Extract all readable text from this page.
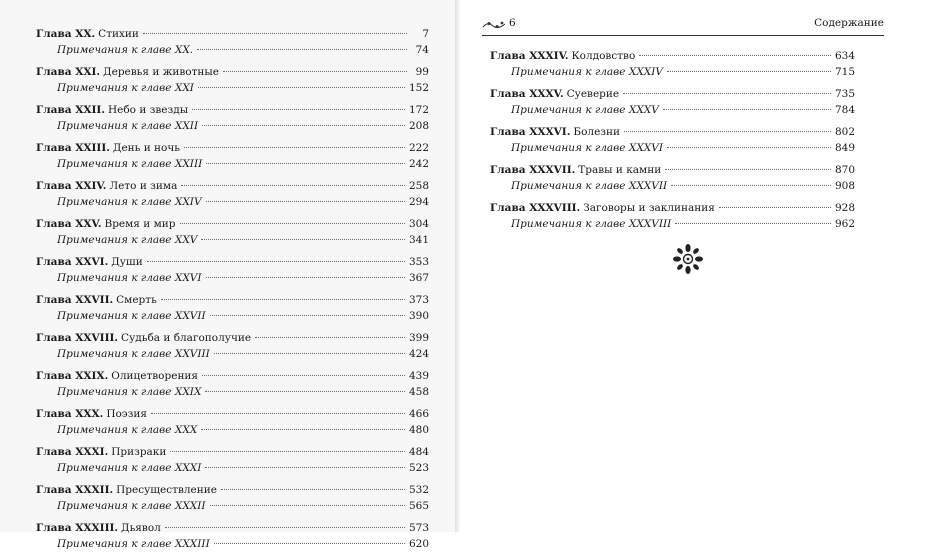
6	Содержание
Глава XX. Стихии	7
Примечания к главе XX.	74
Глава XXI. Деревья и животные	99
Примечания к главе XXI	152
Глава XXII. Небо и звезды	172
Примечания к главе XXII	208
Глава XXIII. День и ночь	222
Примечания к главе XXIII	242
Глава XXIV. Лето и зима	258
Примечания к главе XXIV	294
Глава XXV. Время и мир	304
Примечания к главе XXV	341
Глава XXVI. Души	353
Примечания к главе XXVI	367
Глава XXVII. Смерть	373
Примечания к главе XXVII	390
Глава XXVIII. Судьба и благополучие	399
Примечания к главе XXVIII	424
Глава XXIX. Олицетворения	439
Примечания к главе XXIX	458
Глава XXX. Поэзия	466
Примечания к главе XXX	480
Глава XXXI. Призраки	484
Примечания к главе XXXI	523
Глава XXXII. Пресуществление	532
Примечания к главе XXXII	565
Глава XXXIII. Дьявол	573
Примечания к главе XXXIII	620
Глава XXXIV. Колдовство	634
Примечания к главе XXXIV	715
Глава XXXV. Суеверие	735
Примечания к главе XXXV	784
Глава XXXVI. Болезни	802
Примечания к главе XXXVI	849
Глава XXXVII. Травы и камни	870
Примечания к главе XXXVII	908
Глава XXXVIII. Заговоры и заклинания	928
Примечания к главе XXXVIII	962
